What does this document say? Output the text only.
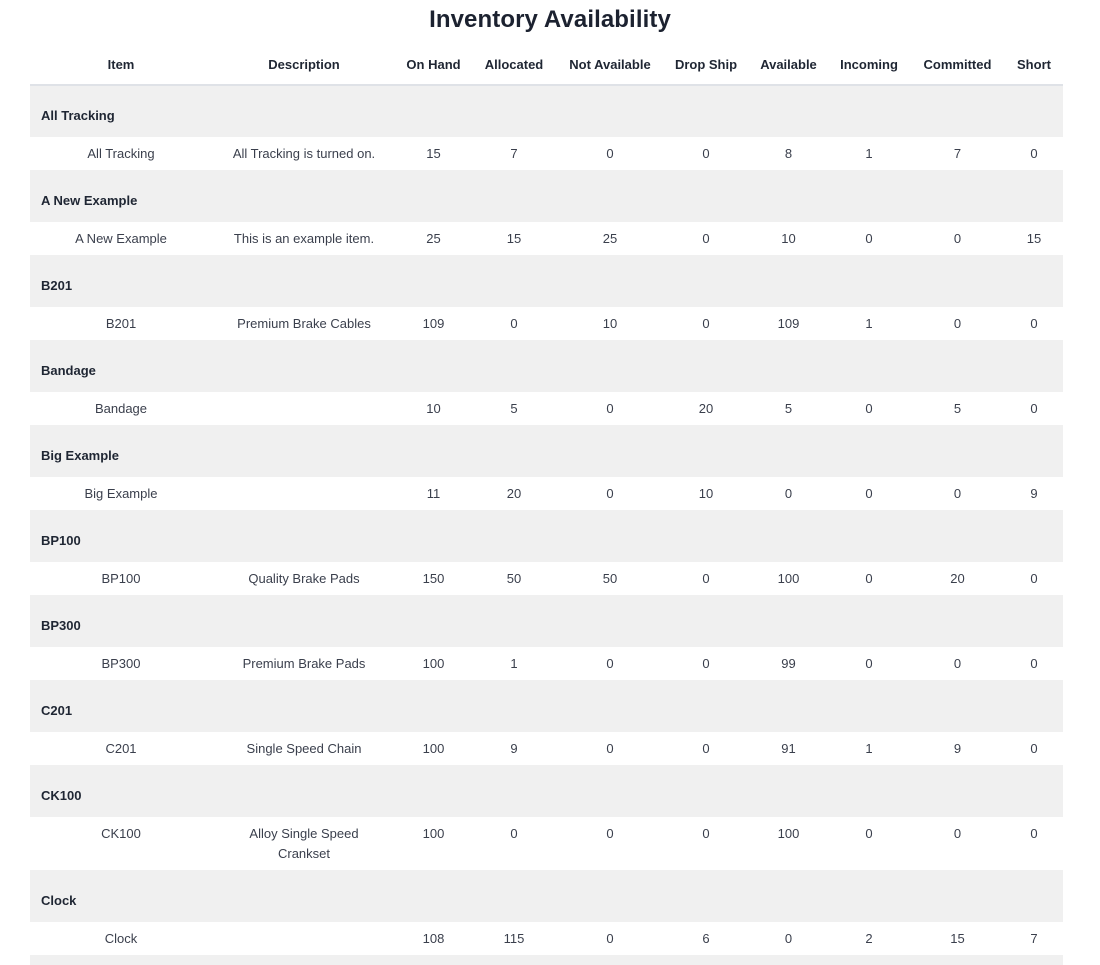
Inventory Availability
Item	Description	On Hand	Allocated	Not Available	Drop Ship	Available	Incoming	Committed	Short
All Tracking									
All Tracking	All Tracking is turned on.	15	7	0	0	8	1	7	0
A New Example									
A New Example	This is an example item.	25	15	25	0	10	0	0	15
B201									
B201	Premium Brake Cables	109	0	10	0	109	1	0	0
Bandage									
Bandage		10	5	0	20	5	0	5	0
Big Example									
Big Example		11	20	0	10	0	0	0	9
BP100									
BP100	Quality Brake Pads	150	50	50	0	100	0	20	0
BP300									
BP300	Premium Brake Pads	100	1	0	0	99	0	0	0
C201									
C201	Single Speed Chain	100	9	0	0	91	1	9	0
CK100									
CK100	Alloy Single Speed Crankset	100	0	0	0	100	0	0	0
Clock									
Clock		108	115	0	6	0	2	15	7
